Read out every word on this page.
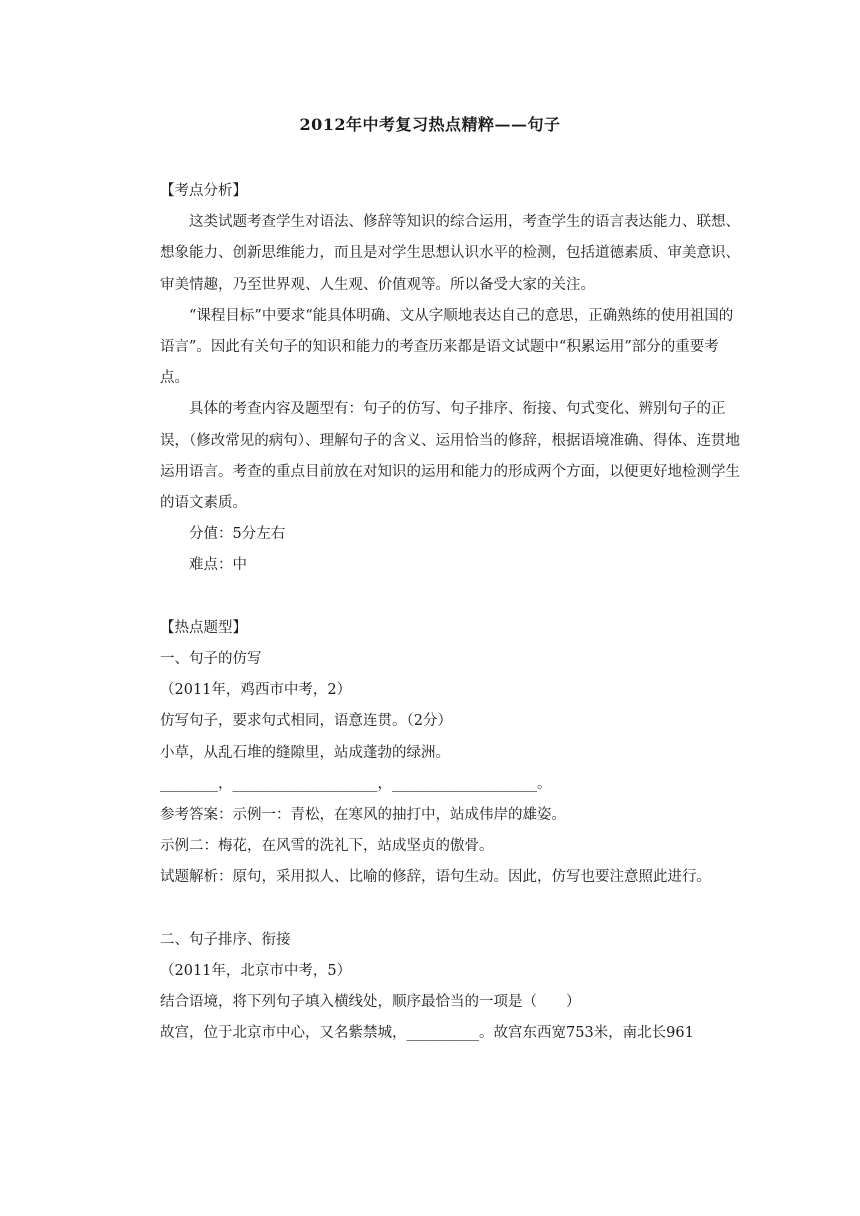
2012年中考复习热点精粹——句子

【考点分析】

这类试题考查学生对语法、修辞等知识的综合运用，考查学生的语言表达能力、联想、想象能力、创新思维能力，而且是对学生思想认识水平的检测，包括道德素质、审美意识、审美情趣，乃至世界观、人生观、价值观等。所以备受大家的关注。

“课程目标”中要求“能具体明确、文从字顺地表达自己的意思，正确熟练的使用祖国的语言”。因此有关句子的知识和能力的考查历来都是语文试题中“积累运用”部分的重要考点。

具体的考查内容及题型有：句子的仿写、句子排序、衔接、句式变化、辨别句子的正误，（修改常见的病句）、理解句子的含义、运用恰当的修辞，根据语境准确、得体、连贯地运用语言。考查的重点目前放在对知识的运用和能力的形成两个方面，以便更好地检测学生的语文素质。

分值：5分左右

难点：中

【热点题型】

一、句子的仿写

（2011年，鸡西市中考，2）

仿写句子，要求句式相同，语意连贯。（2分）

小草，从乱石堆的缝隙里，站成蓬勃的绿洲。

________，____________________，____________________。

参考答案：示例一：青松，在寒风的抽打中，站成伟岸的雄姿。

示例二：梅花，在风雪的洗礼下，站成坚贞的傲骨。

试题解析：原句，采用拟人、比喻的修辞，语句生动。因此，仿写也要注意照此进行。

二、句子排序、衔接

（2011年，北京市中考，5）

结合语境，将下列句子填入横线处，顺序最恰当的一项是（　　）

故宫，位于北京市中心，又名紫禁城，__________。故宫东西宽753米，南北长961
